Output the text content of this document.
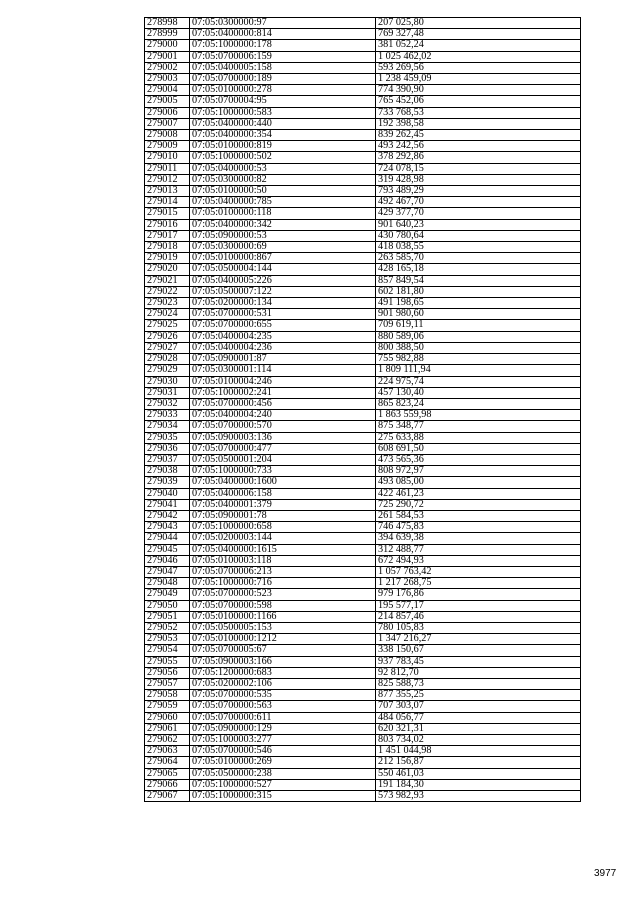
278998	07:05:0300000:97	207 025,80
278999	07:05:0400000:814	769 327,48
279000	07:05:1000000:178	381 052,24
279001	07:05:0700006:159	1 025 462,02
279002	07:05:0400005:158	593 269,56
279003	07:05:0700000:189	1 238 459,09
279004	07:05:0100000:278	774 390,90
279005	07:05:0700004:95	765 452,06
279006	07:05:1000000:583	733 768,53
279007	07:05:0400000:440	192 398,58
279008	07:05:0400000:354	839 262,45
279009	07:05:0100000:819	493 242,56
279010	07:05:1000000:502	378 292,86
279011	07:05:0400000:53	724 078,15
279012	07:05:0300000:82	319 428,98
279013	07:05:0100000:50	793 489,29
279014	07:05:0400000:785	492 467,70
279015	07:05:0100000:118	429 377,70
279016	07:05:0400000:342	901 640,23
279017	07:05:0900000:53	430 780,64
279018	07:05:0300000:69	418 038,55
279019	07:05:0100000:867	263 585,70
279020	07:05:0500004:144	428 165,18
279021	07:05:0400005:226	857 849,54
279022	07:05:0500007:122	602 181,80
279023	07:05:0200000:134	491 198,65
279024	07:05:0700000:531	901 980,60
279025	07:05:0700000:655	709 619,11
279026	07:05:0400004:235	880 589,06
279027	07:05:0400004:236	800 388,50
279028	07:05:0900001:87	755 982,88
279029	07:05:0300001:114	1 809 111,94
279030	07:05:0100004:246	224 975,74
279031	07:05:1000002:241	457 130,40
279032	07:05:0700000:456	865 823,24
279033	07:05:0400004:240	1 863 559,98
279034	07:05:0700000:570	875 348,77
279035	07:05:0900003:136	275 633,88
279036	07:05:0700000:477	608 691,50
279037	07:05:0500001:204	473 565,36
279038	07:05:1000000:733	808 972,97
279039	07:05:0400000:1600	493 085,00
279040	07:05:0400006:158	422 461,23
279041	07:05:0400001:379	725 290,72
279042	07:05:0900001:78	261 584,53
279043	07:05:1000000:658	746 475,83
279044	07:05:0200003:144	394 639,38
279045	07:05:0400000:1615	312 488,77
279046	07:05:0100003:118	672 494,93
279047	07:05:0700006:213	1 057 763,42
279048	07:05:1000000:716	1 217 268,75
279049	07:05:0700000:523	979 176,86
279050	07:05:0700000:598	195 577,17
279051	07:05:0100000:1166	214 857,46
279052	07:05:0500005:153	780 105,83
279053	07:05:0100000:1212	1 347 216,27
279054	07:05:0700005:67	338 150,67
279055	07:05:0900003:166	937 783,45
279056	07:05:1200000:683	92 812,70
279057	07:05:0200002:106	825 588,73
279058	07:05:0700000:535	877 355,25
279059	07:05:0700000:563	707 303,07
279060	07:05:0700000:611	484 056,77
279061	07:05:0900000:129	620 321,31
279062	07:05:1000003:277	803 734,02
279063	07:05:0700000:546	1 451 044,98
279064	07:05:0100000:269	212 156,87
279065	07:05:0500000:238	550 461,03
279066	07:05:1000000:527	191 184,30
279067	07:05:1000000:315	573 982,93
3977
